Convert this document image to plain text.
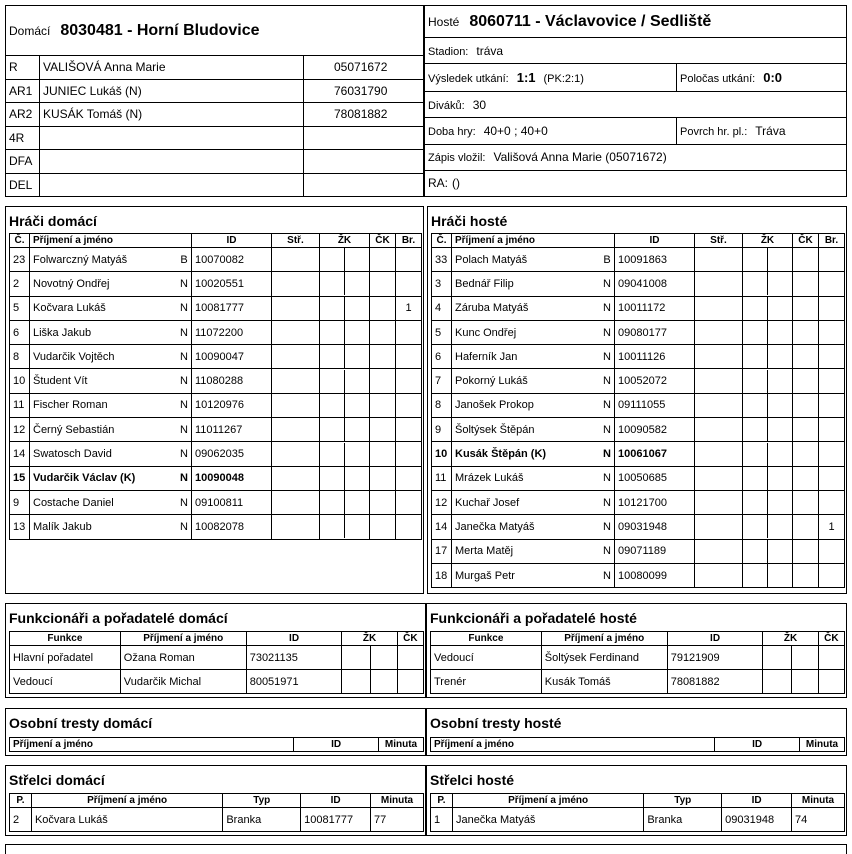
Domácí 8030481 - Horní Bludovice		
R	VALIŠOVÁ Anna Marie	05071672
AR1	JUNIEC Lukáš (N)	76031790
AR2	KUSÁK Tomáš (N)	78081882
4R		
DFA		
DEL		
Hosté 8060711 - Václavovice / Sedliště	
Stadion: tráva	
Výsledek utkání: 1:1 (PK:2:1)	Poločas utkání: 0:0
Diváků: 30	
Doba hry: 40+0 ; 40+0	Povrch hr. pl.: Tráva
Zápis vložil: Vališová Anna Marie (05071672)	
RA: ()	
Hráči domácí
Č.	Příjmení a jméno		ID	Stř.	ŽK	ČK	Br.
23	Folwarczný Matyáš	B	10070082		

2	Novotný Ondřej	N	10020551		

5	Kočvara Lukáš	N	10081777				1
6	Liška Jakub	N	11072200		

8	Vudarčik Vojtěch	N	10090047		

10	Študent Vít	N	11080288		

11	Fischer Roman	N	10120976		

12	Černý Sebastián	N	11011267		

14	Swatosch David	N	09062035		

15	Vudarčik Václav (K)	N	10090048		

9	Costache Daniel	N	09100811		

13	Malík Jakub	N	10082078		

Hráči hosté
Č.	Příjmení a jméno		ID	Stř.	ŽK	ČK	Br.
33	Polach Matyáš	B	10091863		

3	Bednář Filip	N	09041008		

4	Záruba Matyáš	N	10011172		

5	Kunc Ondřej	N	09080177		

6	Haferník Jan	N	10011126		

7	Pokorný Lukáš	N	10052072		

8	Janošek Prokop	N	09111055		

9	Šoltýsek Štěpán	N	10090582		

10	Kusák Štěpán (K)	N	10061067		

11	Mrázek Lukáš	N	10050685		

12	Kuchař Josef	N	10121700		

14	Janečka Matyáš	N	09031948				1
17	Merta Matěj	N	09071189		

18	Murgaš Petr	N	10080099		

Funkcionáři a pořadatelé domácí
Funkce	Příjmení a jméno	ID	ŽK		ČK
Hlavní pořadatel	Ožana Roman	73021135			
Vedoucí	Vudarčik Michal	80051971			
Funkcionáři a pořadatelé hosté
Funkce	Příjmení a jméno	ID	ŽK		ČK
Vedoucí	Šoltýsek Ferdinand	79121909			
Trenér	Kusák Tomáš	78081882			
Osobní tresty domácí
Příjmení a jméno	ID	Minuta
Osobní tresty hosté
Příjmení a jméno	ID	Minuta
Střelci domácí
P.	Příjmení a jméno	Typ	ID	Minuta
2	Kočvara Lukáš	Branka	10081777	77
Střelci hosté
P.	Příjmení a jméno	Typ	ID	Minuta
1	Janečka Matyáš	Branka	09031948	74
